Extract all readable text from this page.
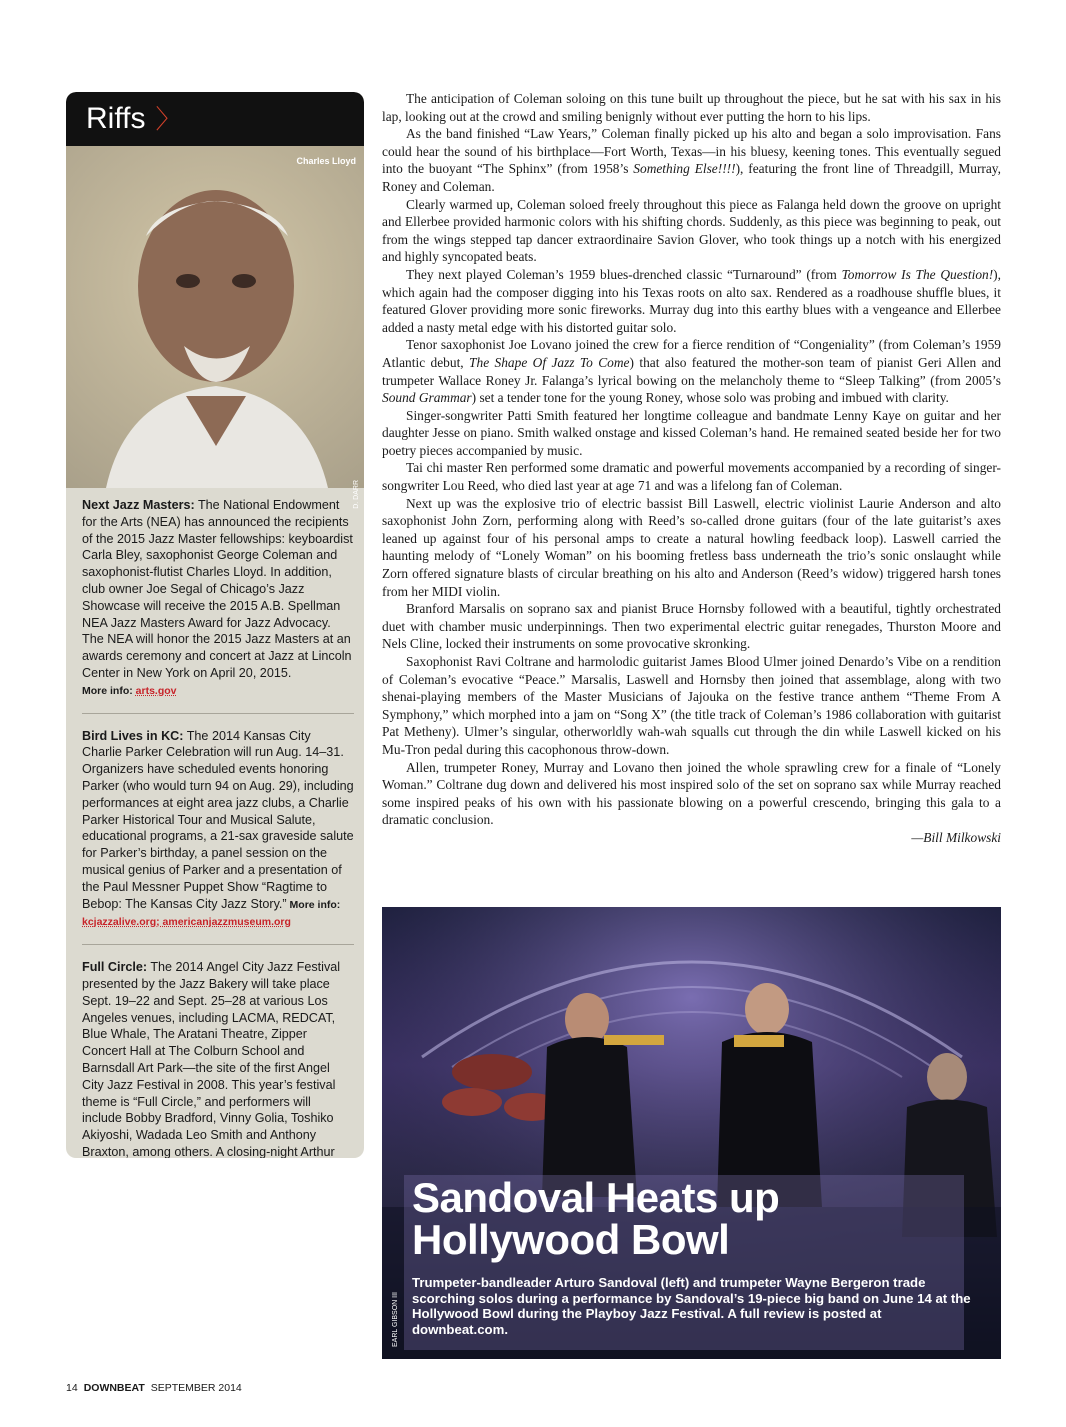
Riffs 〉
Charles Lloyd
D. DARR
Next Jazz Masters: The National Endowment for the Arts (NEA) has announced the recipients of the 2015 Jazz Master fellowships: keyboardist Carla Bley, saxophonist George Coleman and saxophonist-flutist Charles Lloyd. In addition, club owner Joe Segal of Chicago’s Jazz Showcase will receive the 2015 A.B. Spellman NEA Jazz Masters Award for Jazz Advocacy. The NEA will honor the 2015 Jazz Masters at an awards ceremony and concert at Jazz at Lincoln Center in New York on April 20, 2015.
More info: arts.gov
Bird Lives in KC: The 2014 Kansas City Charlie Parker Celebration will run Aug. 14–31. Organizers have scheduled events honoring Parker (who would turn 94 on Aug. 29), including performances at eight area jazz clubs, a Charlie Parker Historical Tour and Musical Salute, educational programs, a 21-sax graveside salute for Parker’s birthday, a panel session on the musical genius of Parker and a presentation of the Paul Messner Puppet Show “Ragtime to Bebop: The Kansas City Jazz Story.” More info: kcjazzalive.org; americanjazzmuseum.org
Full Circle: The 2014 Angel City Jazz Festival presented by the Jazz Bakery will take place Sept. 19–22 and Sept. 25–28 at various Los Angeles venues, including LACMA, REDCAT, Blue Whale, The Aratani Theatre, Zipper Concert Hall at The Colburn School and Barnsdall Art Park—the site of the first Angel City Jazz Festival in 2008. This year’s festival theme is “Full Circle,” and performers will include Bobby Bradford, Vinny Golia, Toshiko Akiyoshi, Wadada Leo Smith and Anthony Braxton, among others. A closing-night Arthur

The anticipation of Coleman soloing on this tune built up throughout the piece, but he sat with his sax in his lap, looking out at the crowd and smiling benignly without ever putting the horn to his lips.

As the band finished “Law Years,” Coleman finally picked up his alto and began a solo improvisation. Fans could hear the sound of his birthplace—Fort Worth, Texas—in his bluesy, keening tones. This eventually segued into the buoyant “The Sphinx” (from 1958’s Something Else!!!!), featuring the front line of Threadgill, Murray, Roney and Coleman.

Clearly warmed up, Coleman soloed freely throughout this piece as Falanga held down the groove on upright and Ellerbee provided harmonic colors with his shifting chords. Suddenly, as this piece was beginning to peak, out from the wings stepped tap dancer extraordinaire Savion Glover, who took things up a notch with his energized and highly syncopated beats.

They next played Coleman’s 1959 blues-drenched classic “Turnaround” (from Tomorrow Is The Question!), which again had the composer digging into his Texas roots on alto sax. Rendered as a roadhouse shuffle blues, it featured Glover providing more sonic fireworks. Murray dug into this earthy blues with a vengeance and Ellerbee added a nasty metal edge with his distorted guitar solo.

Tenor saxophonist Joe Lovano joined the crew for a fierce rendition of “Congeniality” (from Coleman’s 1959 Atlantic debut, The Shape Of Jazz To Come) that also featured the mother-son team of pianist Geri Allen and trumpeter Wallace Roney Jr. Falanga’s lyrical bowing on the melancholy theme to “Sleep Talking” (from 2005’s Sound Grammar) set a tender tone for the young Roney, whose solo was probing and imbued with clarity.

Singer-songwriter Patti Smith featured her longtime colleague and bandmate Lenny Kaye on guitar and her daughter Jesse on piano. Smith walked onstage and kissed Coleman’s hand. He remained seated beside her for two poetry pieces accompanied by music.

Tai chi master Ren performed some dramatic and powerful movements accompanied by a recording of singer-songwriter Lou Reed, who died last year at age 71 and was a lifelong fan of Coleman.

Next up was the explosive trio of electric bassist Bill Laswell, electric violinist Laurie Anderson and alto saxophonist John Zorn, performing along with Reed’s so-called drone guitars (four of the late guitarist’s axes leaned up against four of his personal amps to create a natural howling feedback loop). Laswell carried the haunting melody of “Lonely Woman” on his booming fretless bass underneath the trio’s sonic onslaught while Zorn offered signature blasts of circular breathing on his alto and Anderson (Reed’s widow) triggered harsh tones from her MIDI violin.

Branford Marsalis on soprano sax and pianist Bruce Hornsby followed with a beautiful, tightly orchestrated duet with chamber music underpinnings. Then two experimental electric guitar renegades, Thurston Moore and Nels Cline, locked their instruments on some provocative skronking.

Saxophonist Ravi Coltrane and harmolodic guitarist James Blood Ulmer joined Denardo’s Vibe on a rendition of Coleman’s evocative “Peace.” Marsalis, Laswell and Hornsby then joined that assemblage, along with two shenai-playing members of the Master Musicians of Jajouka on the festive trance anthem “Theme From A Symphony,” which morphed into a jam on “Song X” (the title track of Coleman’s 1986 collaboration with guitarist Pat Metheny). Ulmer’s singular, otherworldly wah-wah squalls cut through the din while Laswell kicked on his Mu-Tron pedal during this cacophonous throw-down.

Allen, trumpeter Roney, Murray and Lovano then joined the whole sprawling crew for a finale of “Lonely Woman.” Coltrane dug down and delivered his most inspired solo of the set on soprano sax while Murray reached some inspired peaks of his own with his passionate blowing on a powerful crescendo, bringing this gala to a dramatic conclusion.

—Bill Milkowski
Sandoval Heats up
Hollywood Bowl
Trumpeter-bandleader Arturo Sandoval (left) and trumpeter Wayne Bergeron trade scorching solos during a performance by Sandoval’s 19-piece big band on June 14 at the Hollywood Bowl during the Playboy Jazz Festival. A full review is posted at downbeat.com.
EARL GIBSON III
14 DOWNBEAT SEPTEMBER 2014
